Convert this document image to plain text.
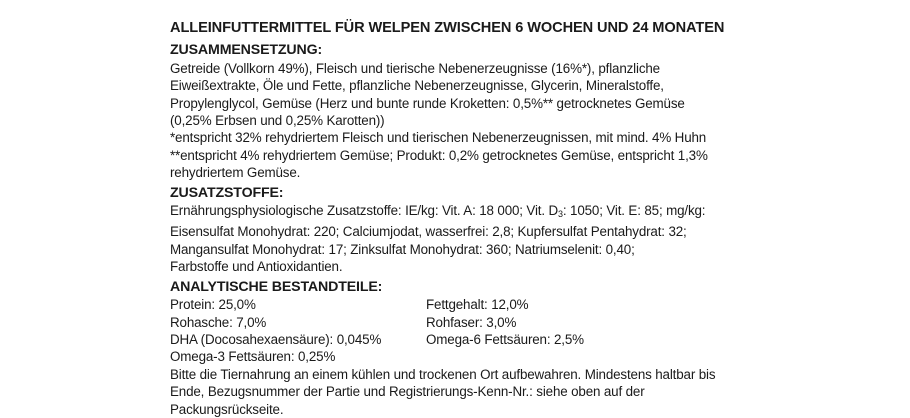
ALLEINFUTTERMITTEL FÜR WELPEN ZWISCHEN 6 WOCHEN UND 24 MONATEN
ZUSAMMENSETZUNG:
Getreide (Vollkorn 49%), Fleisch und tierische Nebenerzeugnisse (16%*), pflanzliche
Eiweißextrakte, Öle und Fette, pflanzliche Nebenerzeugnisse, Glycerin, Mineralstoffe,
Propylenglycol, Gemüse (Herz und bunte runde Kroketten: 0,5%** getrocknetes Gemüse
(0,25% Erbsen und 0,25% Karotten))
*entspricht 32% rehydriertem Fleisch und tierischen Nebenerzeugnissen, mit mind. 4% Huhn
**entspricht 4% rehydriertem Gemüse; Produkt: 0,2% getrocknetes Gemüse, entspricht 1,3%
rehydriertem Gemüse.
ZUSATZSTOFFE:
Ernährungsphysiologische Zusatzstoffe: IE/kg: Vit. A: 18 000; Vit. $D_3$: 1050; Vit. E: 85; mg/kg:
Eisensulfat Monohydrat: 220; Calciumjodat, wasserfrei: 2,8; Kupfersulfat Pentahydrat: 32;
Mangansulfat Monohydrat: 17; Zinksulfat Monohydrat: 360; Natriumselenit: 0,40;
Farbstoffe und Antioxidantien.
ANALYTISCHE BESTANDTEILE:
Protein: 25,0%	Fettgehalt: 12,0%
Rohasche: 7,0%	Rohfaser: 3,0%
DHA (Docosahexaensäure): 0,045%	Omega-6 Fettsäuren: 2,5%
Omega-3 Fettsäuren: 0,25%
Bitte die Tiernahrung an einem kühlen und trockenen Ort aufbewahren. Mindestens haltbar bis
Ende, Bezugsnummer der Partie und Registrierungs-Kenn-Nr.: siehe oben auf der
Packungsrückseite.
